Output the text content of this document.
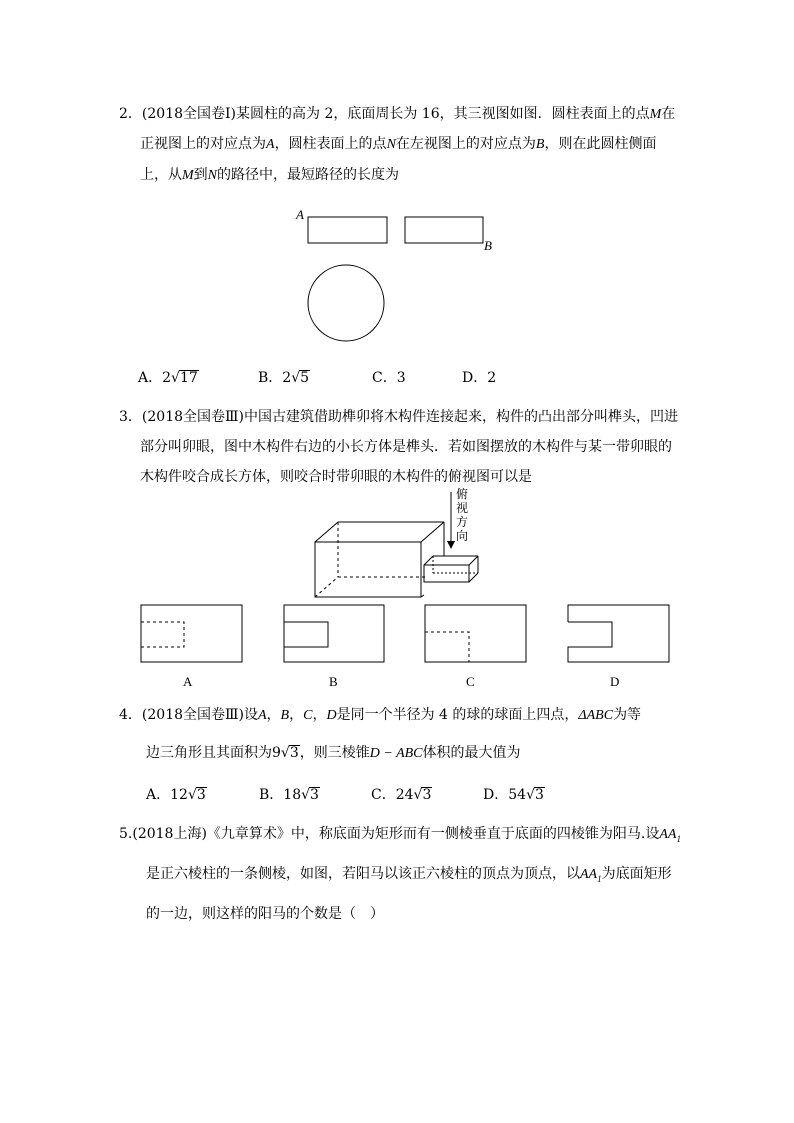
2．(2018全国卷Ⅰ)某圆柱的高为 2，底面周长为 16，其三视图如图．圆柱表面上的点M在
正视图上的对应点为A，圆柱表面上的点N在左视图上的对应点为B，则在此圆柱侧面
上，从M到N的路径中，最短路径的长度为
A
B
A．2√17	B．2√5	C．3	D．2
3．(2018全国卷Ⅲ)中国古建筑借助榫卯将木构件连接起来，构件的凸出部分叫榫头，凹进
部分叫卯眼，图中木构件右边的小长方体是榫头．若如图摆放的木构件与某一带卯眼的
木构件咬合成长方体，则咬合时带卯眼的木构件的俯视图可以是
俯
视
方
向
A	B	C	D
4．(2018全国卷Ⅲ)设A，B，C，D是同一个半径为 4 的球的球面上四点，ΔABC为等
边三角形且其面积为9√3，则三棱锥D − ABC体积的最大值为
A．12√3	B．18√3	C．24√3	D．54√3
5.(2018上海)《九章算术》中，称底面为矩形而有一侧棱垂直于底面的四棱锥为阳马.设$AA_1$
是正六棱柱的一条侧棱，如图，若阳马以该正六棱柱的顶点为顶点，以$AA_1$为底面矩形
的一边，则这样的阳马的个数是（　）
